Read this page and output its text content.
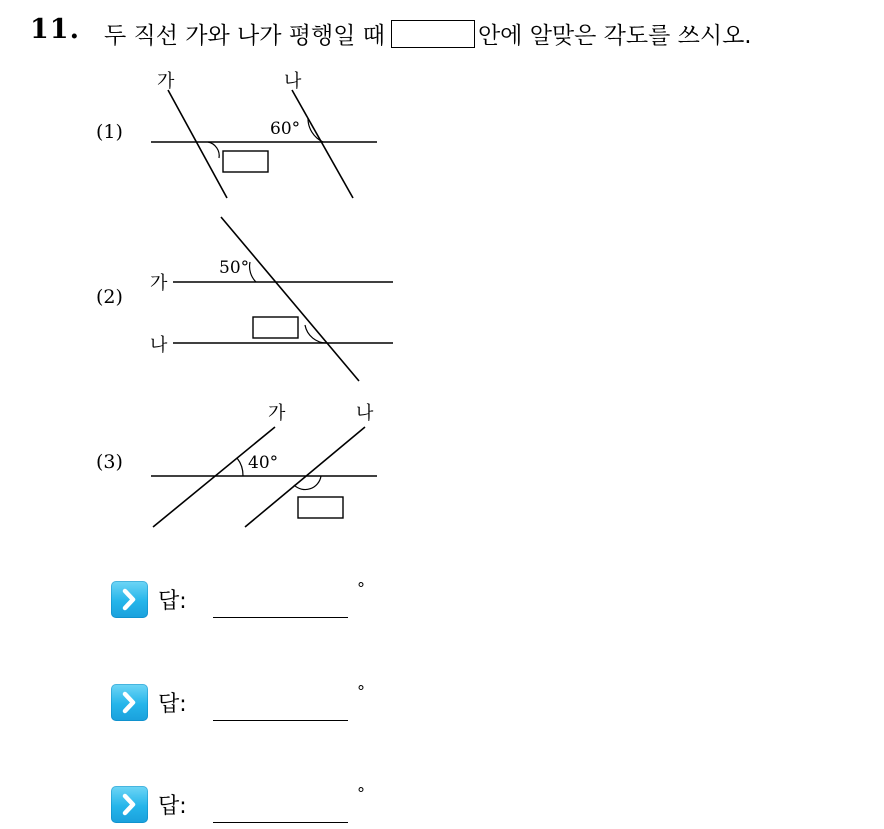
11. 두 직선 가와 나가 평행일 때	안에 알맞은 각도를 쓰시오.
(1)
가	나
60°
(2)
가
나
50°
(3)
가	나
40°
답:
°
답:
°
답:
°
